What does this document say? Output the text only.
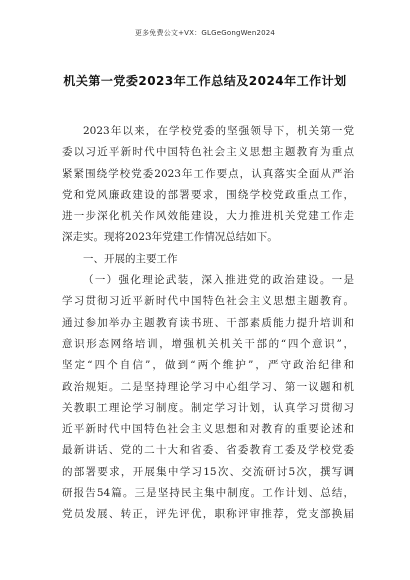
更多免费公文+VX：GLGeGongWen2024
机关第一党委2023年工作总结及2024年工作计划
2023年以来，在学校党委的坚强领导下，机关第一党
委以习近平新时代中国特色社会主义思想主题教育为重点
紧紧围绕学校党委2023年工作要点，认真落实全面从严治
党和党风廉政建设的部署要求，围绕学校党政重点工作，
进一步深化机关作风效能建设，大力推进机关党建工作走
深走实。现将2023年党建工作情况总结如下。
一、开展的主要工作
（一）强化理论武装，深入推进党的政治建设。一是
学习贯彻习近平新时代中国特色社会主义思想主题教育。
通过参加举办主题教育读书班、干部素质能力提升培训和
意识形态网络培训，增强机关机关干部的“四个意识”，
坚定“四个自信”，做到“两个维护”，严守政治纪律和
政治规矩。二是坚持理论学习中心组学习、第一议题和机
关教职工理论学习制度。制定学习计划，认真学习贯彻习
近平新时代中国特色社会主义思想和对教育的重要论述和
最新讲话、党的二十大和省委、省委教育工委及学校党委
的部署要求，开展集中学习15次、交流研讨5次，撰写调
研报告54篇。三是坚持民主集中制度。工作计划、总结，
党员发展、转正，评先评优，职称评审推荐，党支部换届
